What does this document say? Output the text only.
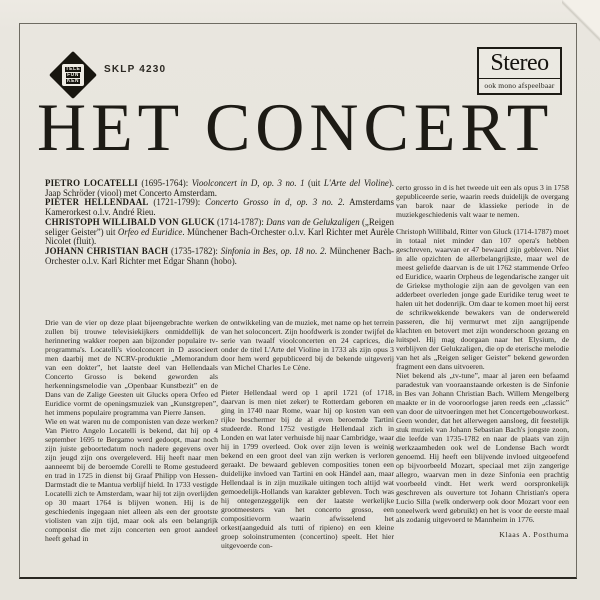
TELE
FUN
KEN
SKLP 4230	Stereo
ook mono afspeelbaar
HET CONCERT
PIETRO LOCATELLI (1695-1764): Vioolconcert in D, op. 3 no. 1 (uit L'Arte del Violine). Jaap Schröder (viool) met Concerto Amsterdam.
PIETER HELLENDAAL (1721-1799): Concerto Grosso in d, op. 3 no. 2. Amsterdams Kamerorkest o.l.v. André Rieu.
CHRISTOPH WILLIBALD VON GLUCK (1714-1787): Dans van de Gelukzaligen („Reigen seliger Geister”) uit Orfeo ed Euridice. Münchener Bach-Orchester o.l.v. Karl Richter met Aurèle Nicolet (fluit).
JOHANN CHRISTIAN BACH (1735-1782): Sinfonia in Bes, op. 18 no. 2. Münchener Bach-Orchester o.l.v. Karl Richter met Edgar Shann (hobo).

Drie van de vier op deze plaat bijeengebrachte werken zullen bij trouwe televisiekijkers onmiddellijk de herinnering wakker roepen aan bijzonder populaire tv-programma's. Locatelli's vioolconcert in D associeert men daarbij met de NCRV-produktie „Memorandum van een dokter”, het laatste deel van Hellendaals Concerto Grosso is bekend geworden als herkenningsmelodie van „Openbaar Kunstbezit” en de Dans van de Zalige Geesten uit Glucks opera Orfeo ed Euridice vormt de openingsmuziek van „Kunstgrepen”, het immens populaire programma van Pierre Jansen.

Wie en wat waren nu de componisten van deze werken? Van Pietro Angelo Locatelli is bekend, dat hij op 4 september 1695 te Bergamo werd gedoopt, maar noch zijn juiste geboortedatum noch nadere gegevens over zijn jeugd zijn ons overgeleverd. Hij heeft naar men aanneemt bij de beroemde Corelli te Rome gestudeerd en trad in 1725 in dienst bij Graaf Philipp von Hessen-Darmstadt die te Mantua verblijf hield. In 1733 vestigde Locatelli zich te Amsterdam, waar hij tot zijn overlijden op 30 maart 1764 is blijven wonen. Hij is de geschiedenis ingegaan niet alleen als een der grootste violisten van zijn tijd, maar ook als een belangrijk componist die met zijn concerten een groot aandeel heeft gehad in

de ontwikkeling van de muziek, met name op het terrein van het soloconcert. Zijn hoofdwerk is zonder twijfel de serie van twaalf vioolconcerten en 24 caprices, die onder de titel L'Arte del Violine in 1733 als zijn opus 3 door hem werd gepubliceerd bij de bekende uitgeverij van Michel Charles Le Cène.

Pieter Hellendaal werd op 1 april 1721 (of 1718, daarvan is men niet zeker) te Rotterdam geboren en ging in 1740 naar Rome, waar hij op kosten van een rijke beschermer bij de al even beroemde Tartini studeerde. Rond 1752 vestigde Hellendaal zich in Londen en wat later verhuisde hij naar Cambridge, waar hij in 1799 overleed. Ook over zijn leven is weinig bekend en een groot deel van zijn werken is verloren geraakt. De bewaard gebleven composities tonen een duidelijke invloed van Tartini en ook Händel aan, maar Hellendaal is in zijn muzikale uitingen toch altijd wat gemoedelijk-Hollands van karakter gebleven. Toch was hij ontegenzeggelijk een der laatste werkelijke grootmeesters van het concerto grosso, een compositievorm waarin afwisselend het orkest(aangeduid als tutti of ripieno) en een kleine groep soloinstrumenten (concertino) speelt. Het hier uitgevoerde con-

certo grosso in d is het tweede uit een als opus 3 in 1758 gepubliceerde serie, waarin reeds duidelijk de overgang van barok naar de klassieke periode in de muziekgeschiedenis valt waar te nemen.

Christoph Willibald, Ritter von Gluck (1714-1787) moet in totaal niet minder dan 107 opera's hebben geschreven, waarvan er 47 bewaard zijn gebleven. Niet in alle opzichten de allerbelangrijkste, maar wel de meest geliefde daarvan is de uit 1762 stammende Orfeo ed Euridice, waarin Orpheus de legendarische zanger uit de Griekse mythologie zijn aan de gevolgen van een adderbeet overleden jonge gade Euridike terug weet te halen uit het dodenrijk. Om daar te komen moet hij eerst de schrikwekkende bewakers van de onderwereld passeren, die hij vermurwt met zijn aangrijpende klachten en betovert met zijn wonderschoon gezang en luitspel. Hij mag doorgaan naar het Elysium, de verblijven der Gelukzaligen, die op de eterische melodie van het als „Reigen seliger Geister” bekend geworden fragment een dans uitvoeren.

Niet bekend als „tv-tune”, maar al jaren een befaamd paradestuk van vooraanstaande orkesten is de Sinfonie in Bes van Johann Christian Bach. Willem Mengelberg maakte er in de vooroorlogse jaren reeds een „classic” van door de uitvoeringen met het Concertgebouworkest. Geen wonder, dat het allerwegen aansloeg, dit feestelijk stuk muziek van Johann Sebastian Bach's jongste zoon, die leefde van 1735-1782 en naar de plaats van zijn werkzaamheden ook wel de Londense Bach wordt genoemd. Hij heeft een blijvende invloed uitgeoefend op bijvoorbeeld Mozart, speciaal met zijn zangerige allegro, waarvan men in deze Sinfonia een prachtig voorbeeld vindt. Het werk werd oorspronkelijk geschreven als ouverture tot Johann Christian's opera Lucio Silla (welk onderwerp ook door Mozart voor een toneelwerk werd gebruikt) en het is voor de eerste maal als zodanig uitgevoerd te Mannheim in 1776.

Klaas A. Posthuma
